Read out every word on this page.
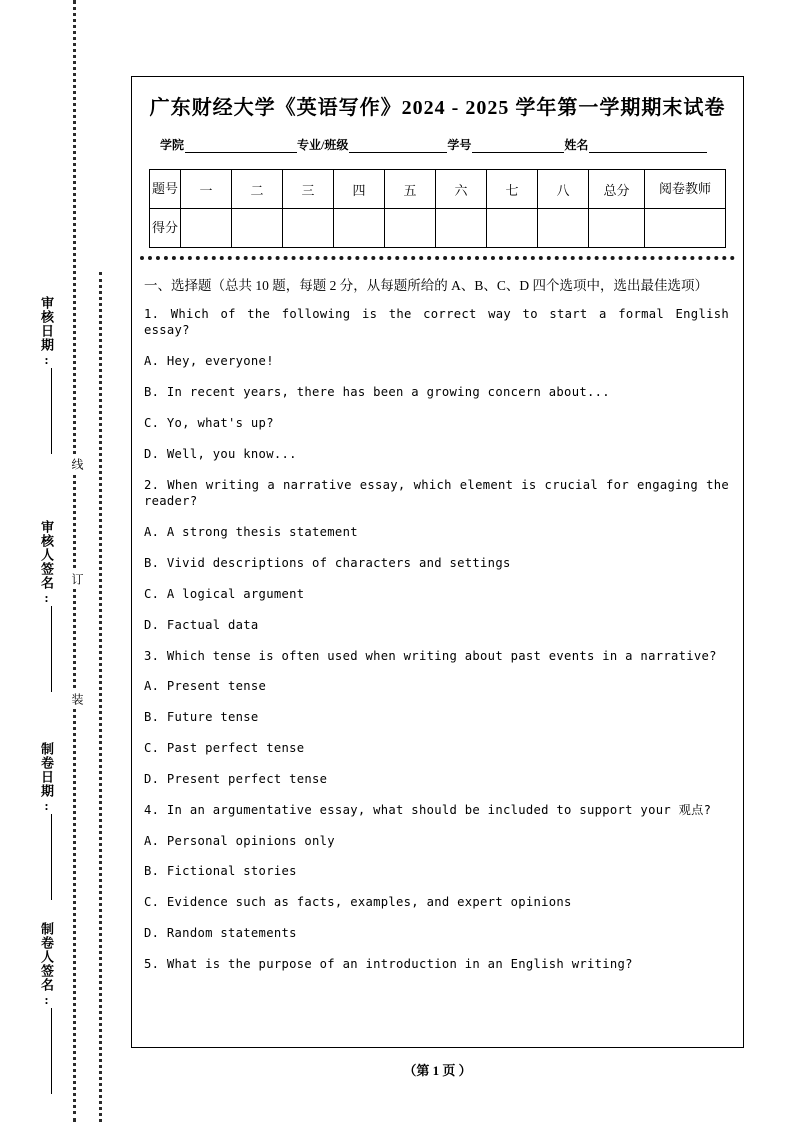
审核日期:
审核人签名:
制卷日期:
制卷人签名:
线
订
装
广东财经大学《英语写作》2024 - 2025 学年第一学期期末试卷
学院	专业/班级	学号	姓名
题号	一	二	三	四	五	六	七	八	总分	阅卷教师
得分										
一、选择题（总共 10 题，每题 2 分，从每题所给的 A、B、C、D 四个选项中，选出最佳选项）

1. Which of the following is the correct way to start a formal English essay?

A. Hey, everyone!

B. In recent years, there has been a growing concern about...

C. Yo, what's up?

D. Well, you know...

2. When writing a narrative essay, which element is crucial for engaging the reader?

A. A strong thesis statement

B. Vivid descriptions of characters and settings

C. A logical argument

D. Factual data

3. Which tense is often used when writing about past events in a narrative?

A. Present tense

B. Future tense

C. Past perfect tense

D. Present perfect tense

4. In an argumentative essay, what should be included to support your 观点?

A. Personal opinions only

B. Fictional stories

C. Evidence such as facts, examples, and expert opinions

D. Random statements

5. What is the purpose of an introduction in an English writing?

（第 1 页 ）
